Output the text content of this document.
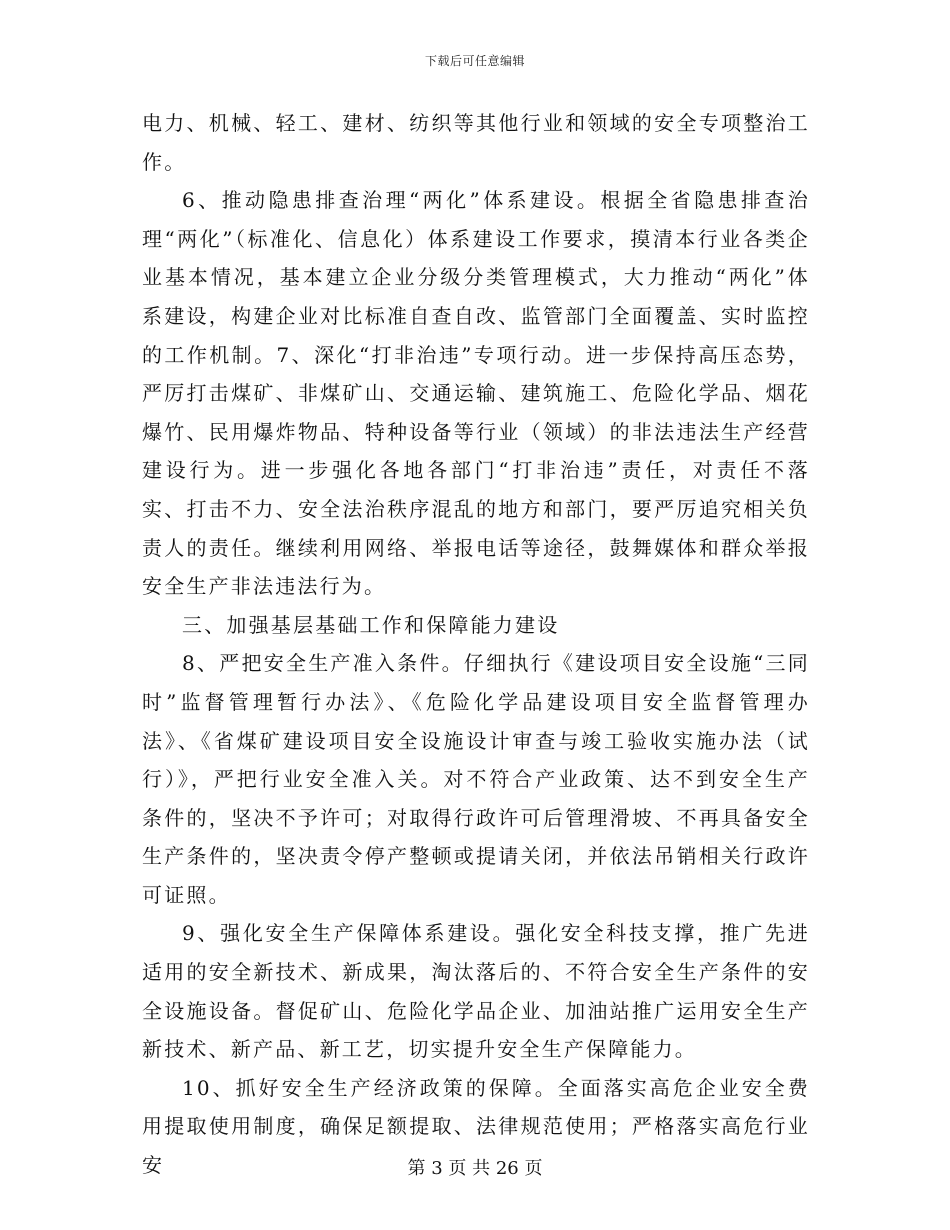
下载后可任意编辑

电力、机械、轻工、建材、纺织等其他行业和领域的安全专项整治工作。

6、推动隐患排查治理“两化”体系建设。根据全省隐患排查治理“两化”（标准化、信息化）体系建设工作要求，摸清本行业各类企业基本情况，基本建立企业分级分类管理模式，大力推动“两化”体系建设，构建企业对比标准自查自改、监管部门全面覆盖、实时监控的工作机制。7、深化“打非治违”专项行动。进一步保持高压态势，严厉打击煤矿、非煤矿山、交通运输、建筑施工、危险化学品、烟花爆竹、民用爆炸物品、特种设备等行业（领域）的非法违法生产经营建设行为。进一步强化各地各部门“打非治违”责任，对责任不落实、打击不力、安全法治秩序混乱的地方和部门，要严厉追究相关负责人的责任。继续利用网络、举报电话等途径，鼓舞媒体和群众举报安全生产非法违法行为。

三、加强基层基础工作和保障能力建设

8、严把安全生产准入条件。仔细执行《建设项目安全设施“三同时”监督管理暂行办法》、《危险化学品建设项目安全监督管理办法》、《省煤矿建设项目安全设施设计审查与竣工验收实施办法（试行）》，严把行业安全准入关。对不符合产业政策、达不到安全生产条件的，坚决不予许可；对取得行政许可后管理滑坡、不再具备安全生产条件的，坚决责令停产整顿或提请关闭，并依法吊销相关行政许可证照。

9、强化安全生产保障体系建设。强化安全科技支撑，推广先进适用的安全新技术、新成果，淘汰落后的、不符合安全生产条件的安全设施设备。督促矿山、危险化学品企业、加油站推广运用安全生产新技术、新产品、新工艺，切实提升安全生产保障能力。

10、抓好安全生产经济政策的保障。全面落实高危企业安全费用提取使用制度，确保足额提取、法律规范使用；严格落实高危行业安	第 3 页 共 26 页
